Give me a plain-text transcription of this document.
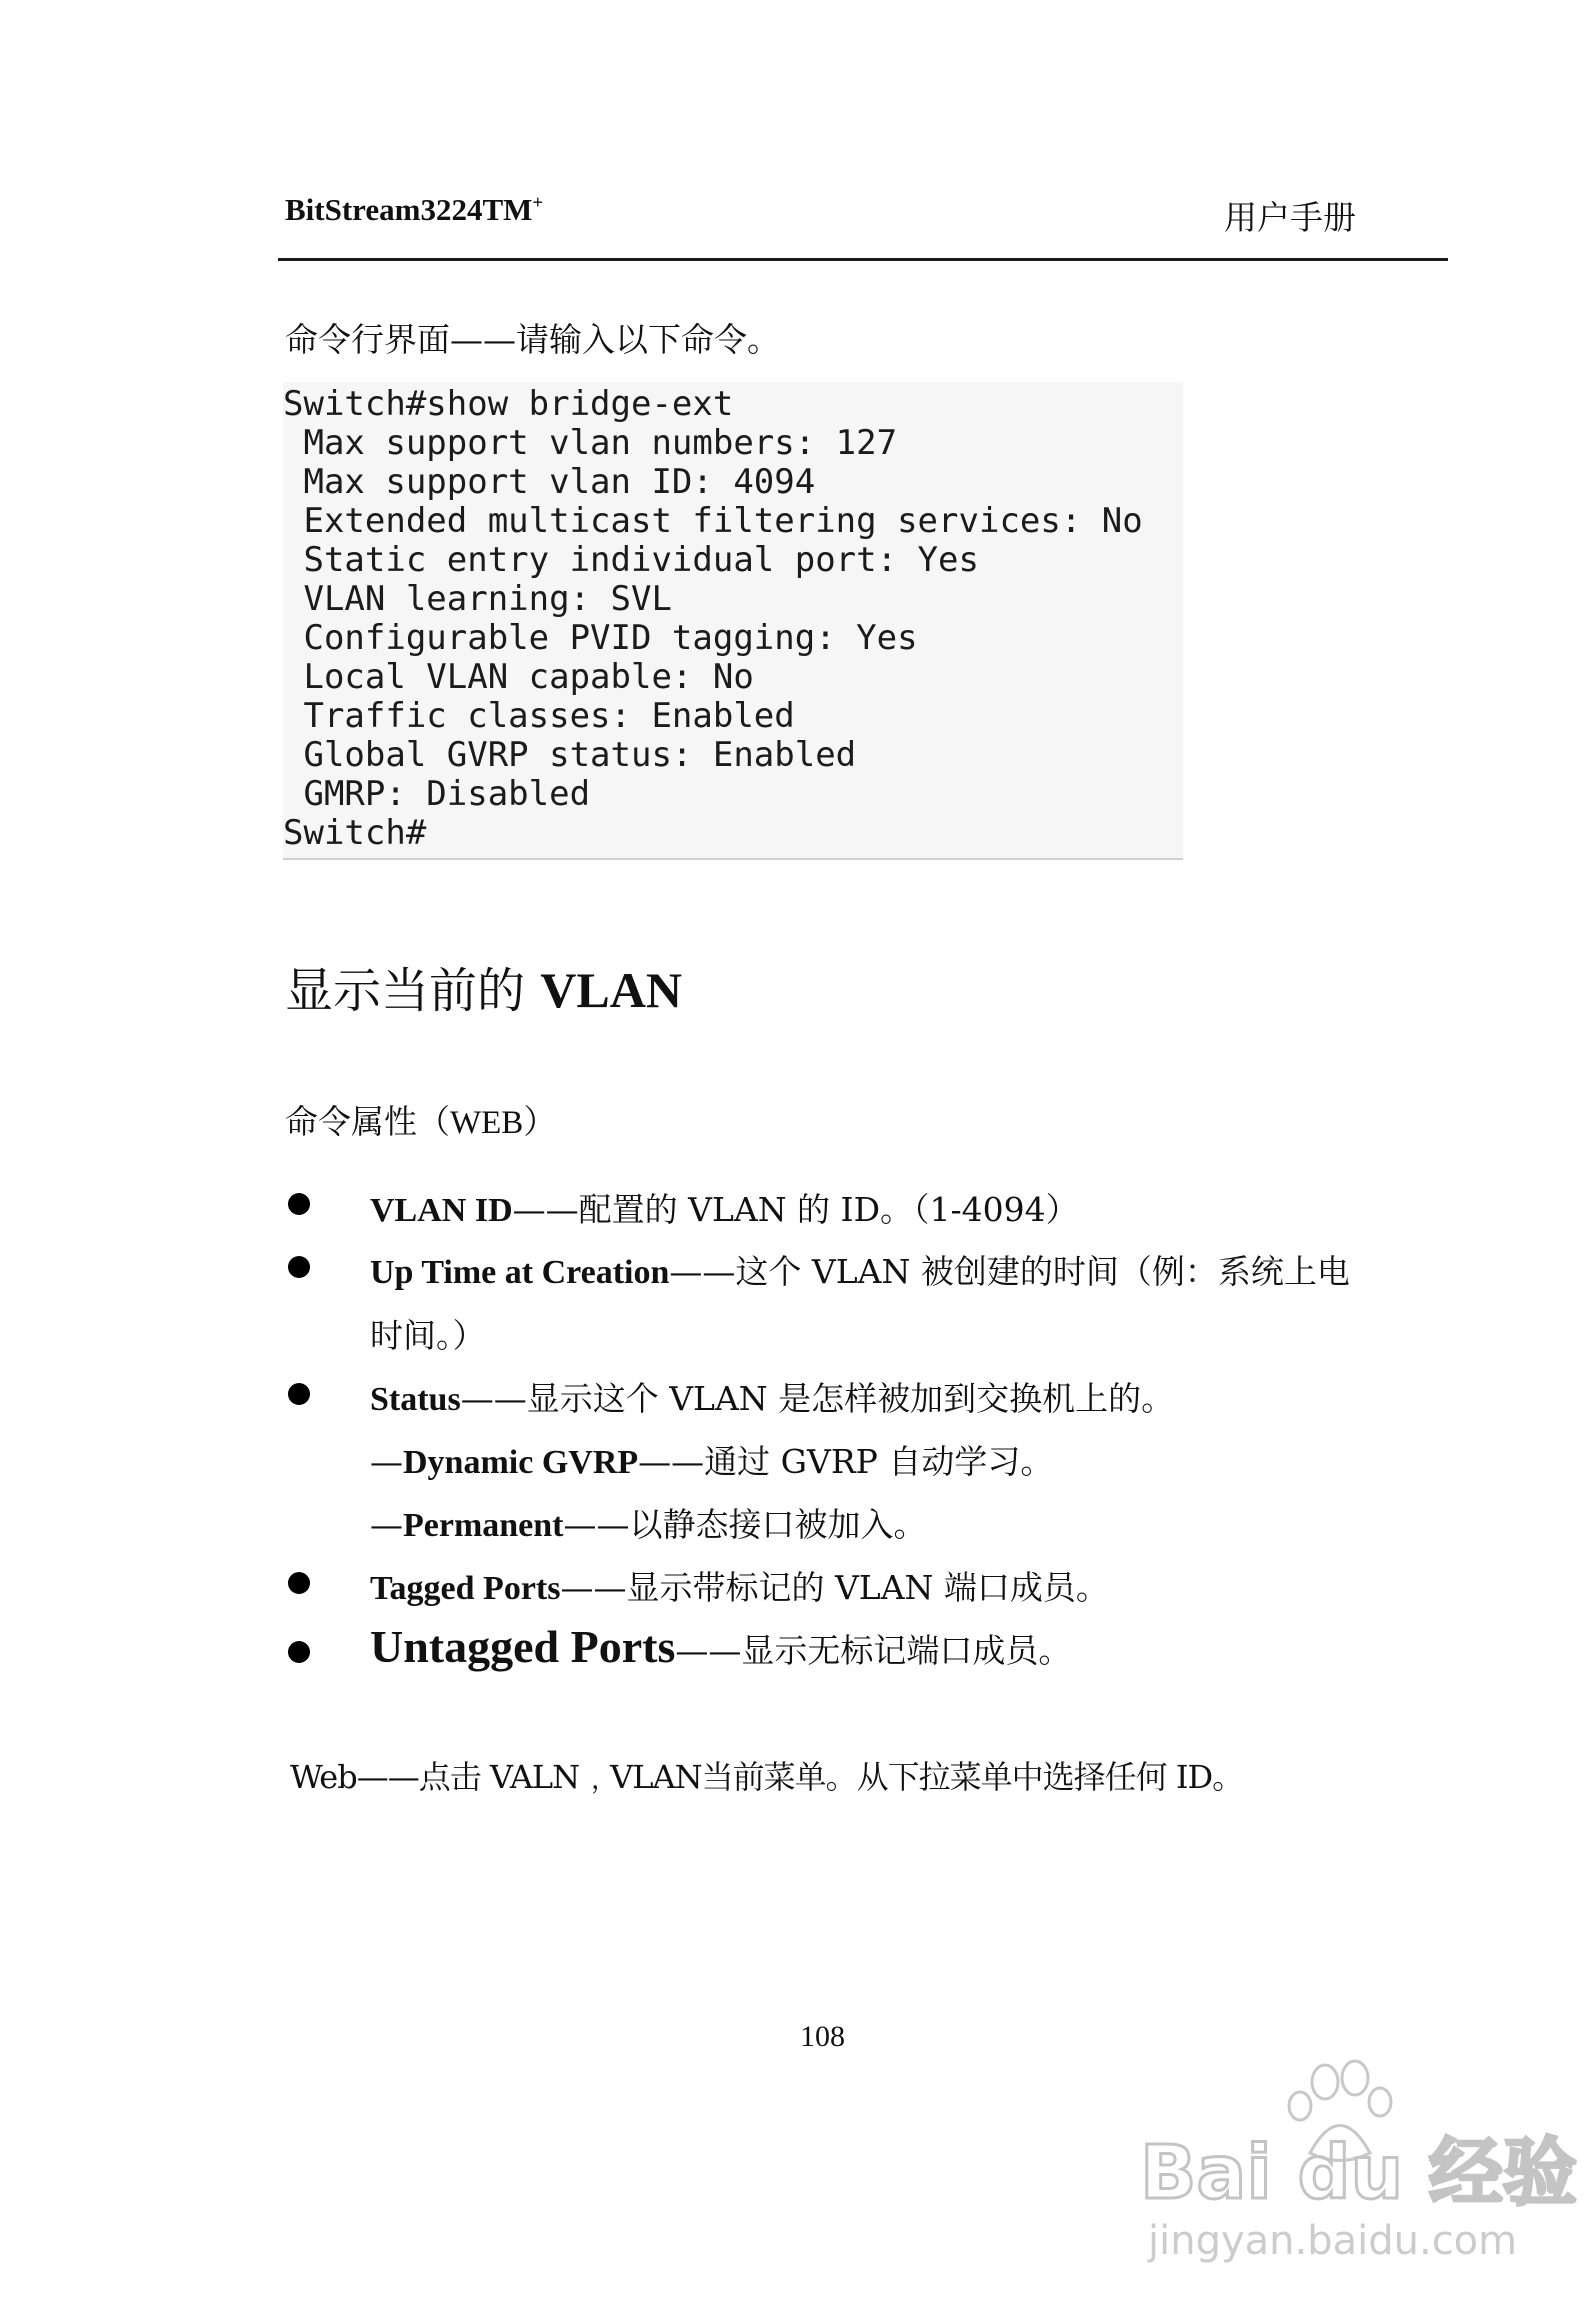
BitStream3224TM+	用户手册
命令行界面——请输入以下命令。
Switch#show bridge-ext
Max support vlan numbers: 127
Max support vlan ID: 4094
Extended multicast filtering services: No
Static entry individual port: Yes
VLAN learning: SVL
Configurable PVID tagging: Yes
Local VLAN capable: No
Traffic classes: Enabled
Global GVRP status: Enabled
GMRP: Disabled
Switch#
显示当前的 VLAN
命令属性（WEB）
VLAN ID——配置的 VLAN 的 ID。（1-4094）
Up Time at Creation——这个 VLAN 被创建的时间（例：系统上电
时间。）
Status——显示这个 VLAN 是怎样被加到交换机上的。
—Dynamic GVRP——通过 GVRP 自动学习。
—Permanent——以静态接口被加入。
Tagged Ports——显示带标记的 VLAN 端口成员。
Untagged Ports——显示无标记端口成员。
Web——点击 VALN﹐VLAN当前菜单。从下拉菜单中选择任何 ID。
108
Bai du 经验
jingyan.baidu.com
